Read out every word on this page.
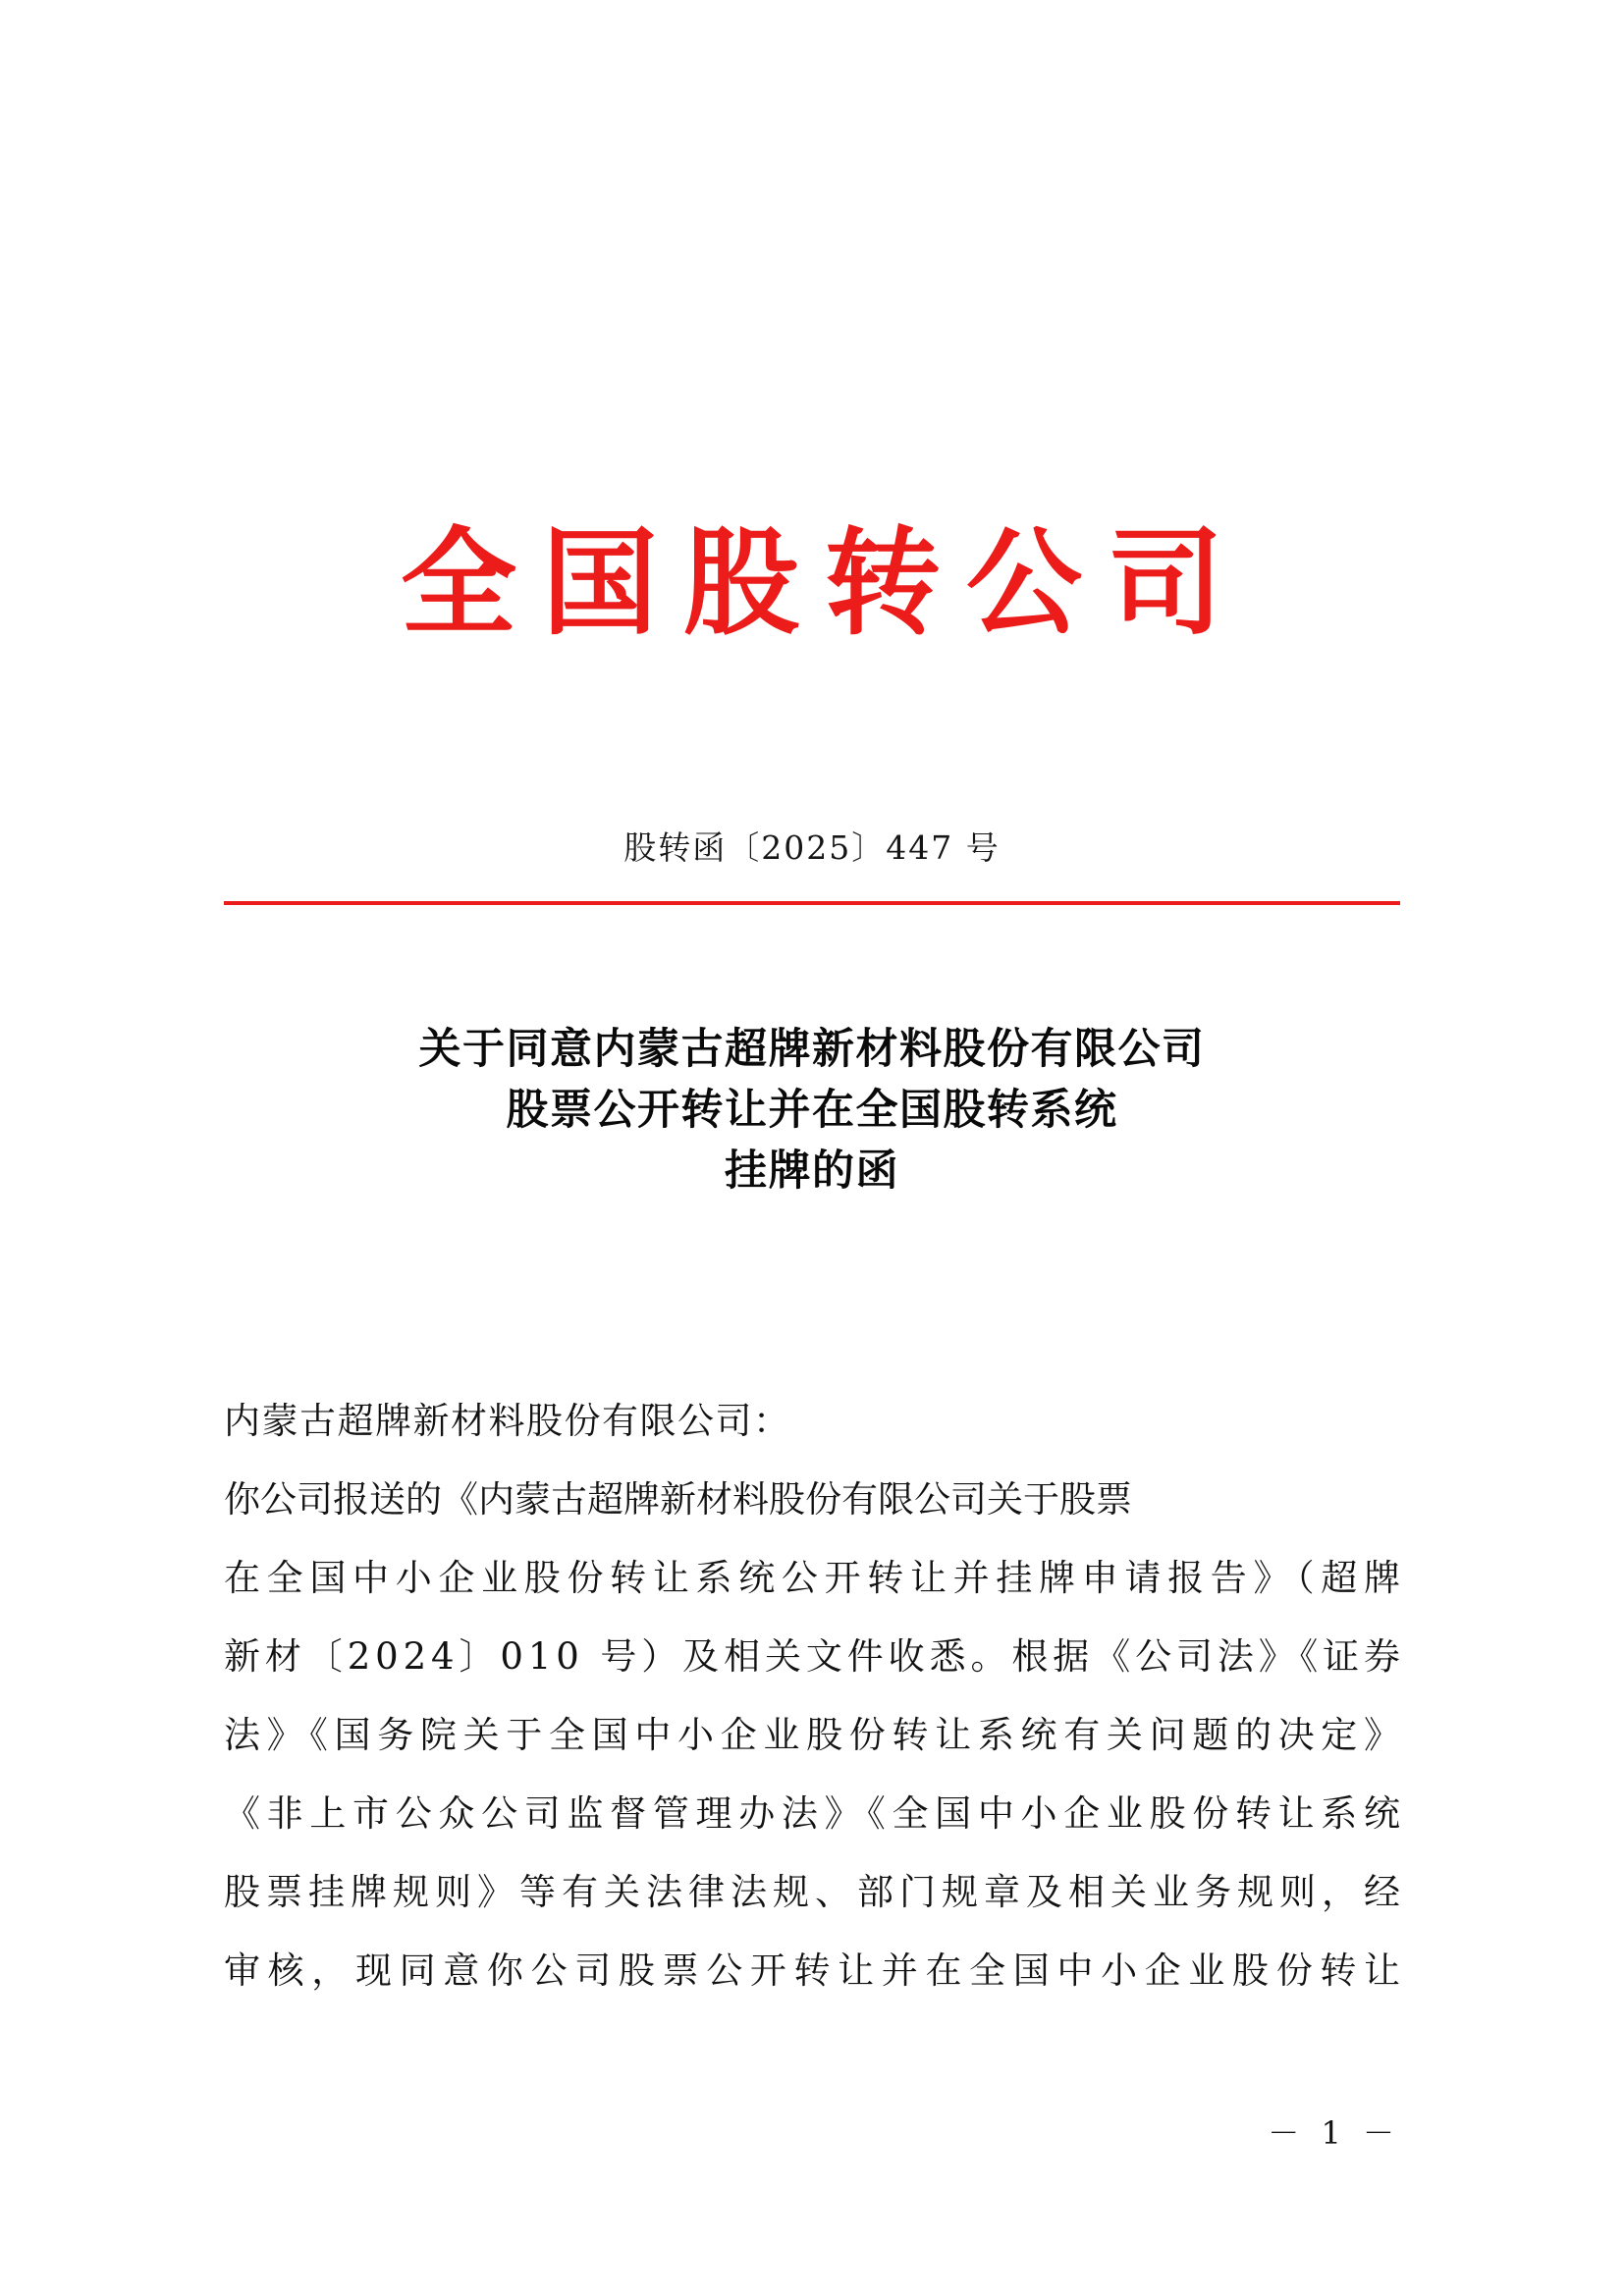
全国股转公司
股转函〔2025〕447 号
关于同意内蒙古超牌新材料股份有限公司
股票公开转让并在全国股转系统
挂牌的函
内蒙古超牌新材料股份有限公司：
你公司报送的《内蒙古超牌新材料股份有限公司关于股票
在全国中小企业股份转让系统公开转让并挂牌申请报告》（超牌
新材〔2024〕010 号）及相关文件收悉。根据《公司法》《证券
法》《国务院关于全国中小企业股份转让系统有关问题的决定》
《非上市公众公司监督管理办法》《全国中小企业股份转让系统
股票挂牌规则》等有关法律法规、部门规章及相关业务规则，经
审核，现同意你公司股票公开转让并在全国中小企业股份转让
－ 1 －
